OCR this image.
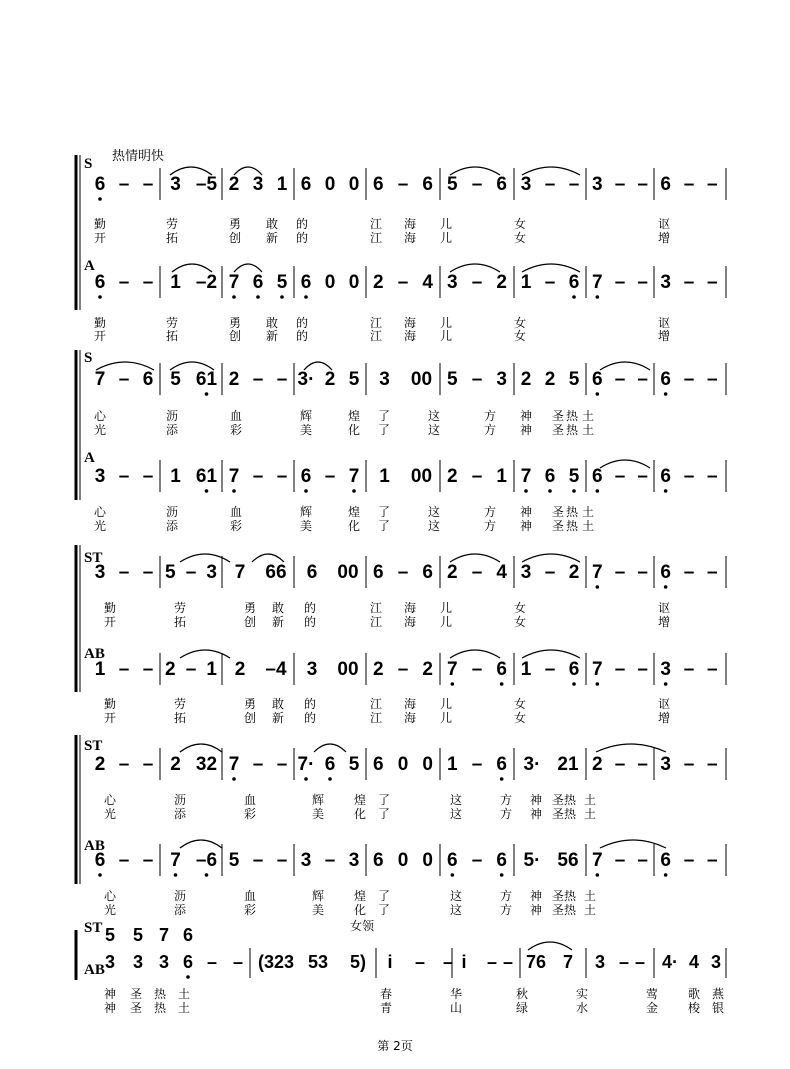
S
A
6 – – 3 –5 2 3 1 6 0 0 6 – 6 5 – 6 3 – – 3 – – 6 – –
6 – – 1 –2 7 6 5 6 0 0 2 – 4 3 – 2 1 – 6 7 – – 3 – –
勤	劳	勇 敢 的	江 海 儿	女	讴
开	拓	创 新 的	江 海 儿	女	增
勤	劳	勇 敢 的	江 海 儿	女	讴
开	拓	创 新 的	江 海 儿	女	增
S
A
7 – 6 5 61 2 – – 3· 2 5 3 00 5 – 3 2 2 5 6 – – 6 – –
3 – – 1 61 7 – – 6 – 7 1 00 2 – 1 7 6 5 6 – – 6 – –
心	沥	血	辉	煌 了	这	方 神 圣 热 土
光	添	彩	美	化 了	这	方 神 圣 热 土
心	沥	血	辉	煌 了	这	方 神 圣 热 土
光	添	彩	美	化 了	这	方 神 圣 热 土
ST
AB
3 – – 5 – 3 7 66 6 00 6 – 6 2 – 4 3 – 2 7 – – 6 – –
1 – – 2 – 1 2 –4 3 00 2 – 2 7 – 6 1 – 6 7 – – 3 – –
勤	劳	勇 敢 的	江 海 儿	女	讴
开	拓	创 新 的	江 海 儿	女	增
勤	劳	勇 敢 的	江 海 儿	女	讴
开	拓	创 新 的	江 海 儿	女	增
ST
AB
2 – – 2 32 7 – – 7· 6 5 6 0 0 1 – 6 3· 21 2 – – 3 – –
6 – – 7 –6 5 – – 3 – 3 6 0 0 6 – 6 5· 56 7 – – 6 – –
心	沥	血	辉 煌 了	这	方 神 圣热 土
光	添	彩	美 化 了	这	方 神 圣热 土
心	沥	血	辉 煌 了	这	方 神 圣热 土
光	添	彩	美 化 了	这	方 神 圣热 土
热情明快
ST
AB
女领
5 5 7 6
3 3 3 6 – – (323 53 5) i – – i – – 76 7 3 – – 4· 4 3
神 圣 热 土	春	华	秋	实	莺 歌 燕
神 圣 热 土	青	山	绿	水	金 梭 银
第 2页
